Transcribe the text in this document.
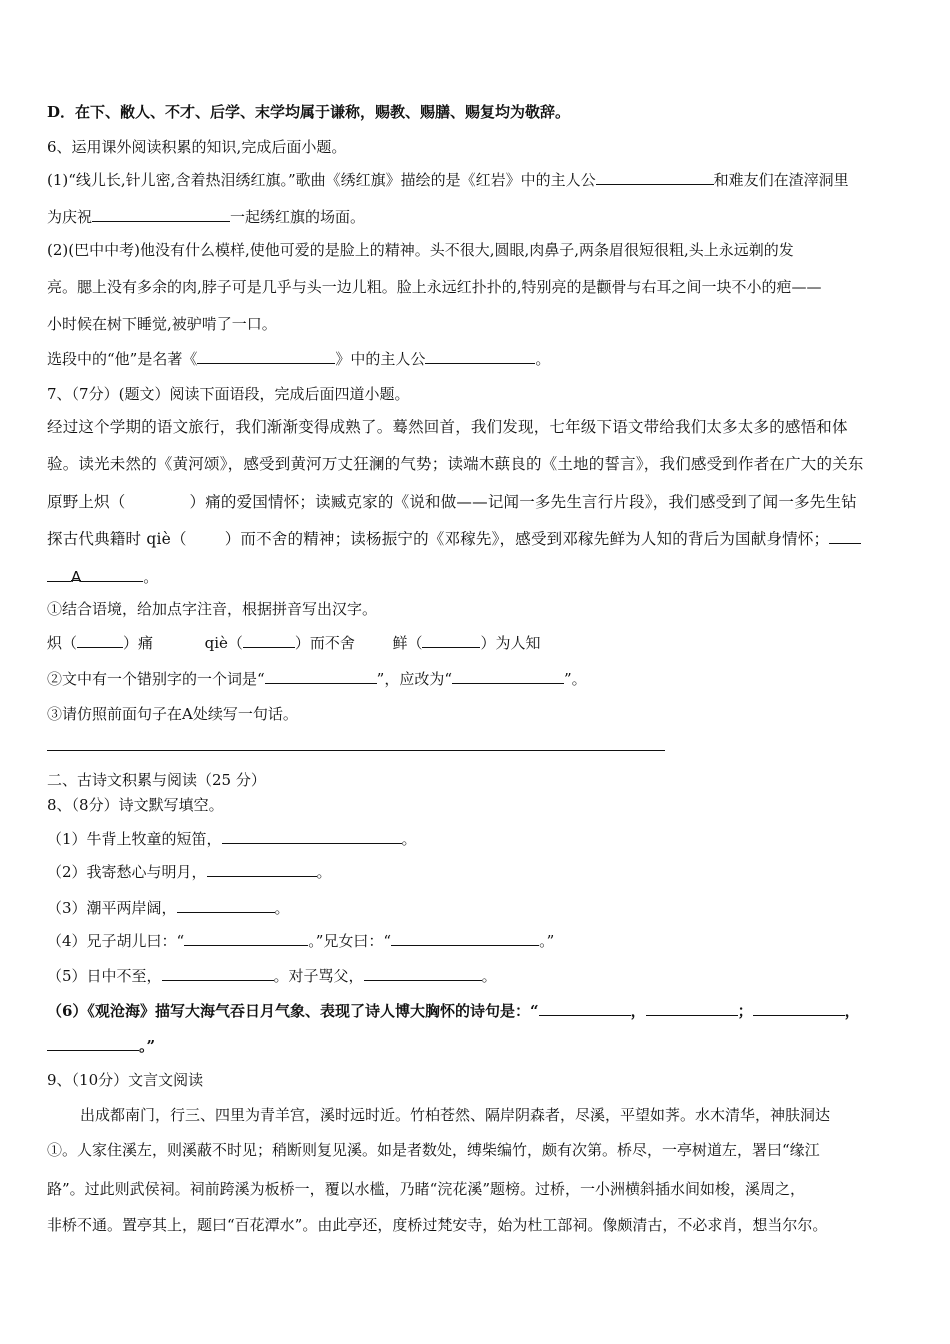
D．在下、敝人、不才、后学、末学均属于谦称，赐教、赐膳、赐复均为敬辞。
6、运用课外阅读积累的知识,完成后面小题。
(1)“线儿长,针儿密,含着热泪绣红旗。”歌曲《绣红旗》描绘的是《红岩》中的主人公	和难友们在渣滓洞里
为庆祝	一起绣红旗的场面。
(2)(巴中中考)他没有什么模样,使他可爱的是脸上的精神。头不很大,圆眼,肉鼻子,两条眉很短很粗,头上永远剃的发
亮。腮上没有多余的肉,脖子可是几乎与头一边儿粗。脸上永远红扑扑的,特别亮的是颧骨与右耳之间一块不小的疤——
小时候在树下睡觉,被驴啃了一口。
选段中的“他”是名著《	》中的主人公	。
7、（7分）(题文）阅读下面语段，完成后面四道小题。
经过这个学期的语文旅行，我们渐渐变得成熟了。蓦然回首，我们发现，七年级下语文带给我们太多太多的感悟和体
验。读光未然的《黄河颂》，感受到黄河万丈狂澜的气势；读端木蕻良的《土地的誓言》，我们感受到作者在广大的关东
原野上炽（	）痛的爱国情怀；读臧克家的《说和做——记闻一多先生言行片段》，我们感受到了闻一多先生钻
探古代典籍时 qiè（ ）而不舍的精神；读杨振宁的《邓稼先》，感受到邓稼先鲜为人知的背后为国献身情怀；
A	。
①结合语境，给加点字注音，根据拼音写出汉字。
炽（	）痛	qiè（	）而不舍	鲜（	）为人知
②文中有一个错别字的一个词是“	”，应改为“	”。
③请仿照前面句子在A处续写一句话。
二、古诗文积累与阅读（25 分）
8、（8分）诗文默写填空。
（1）牛背上牧童的短笛，	。
（2）我寄愁心与明月，	。
（3）潮平两岸阔，	。
（4）兄子胡儿曰：“	。”兄女曰：“	。”
（5）日中不至，	。对子骂父，	。
（6）《观沧海》描写大海气吞日月气象、表现了诗人博大胸怀的诗句是：“	，	；	，
。”
9、（10分）文言文阅读
出成都南门，行三、四里为青羊宫，溪时远时近。竹柏苍然、隔岸阴森者，尽溪，平望如荠。水木清华，神肤洞达
①。人家住溪左，则溪蔽不时见；稍断则复见溪。如是者数处，缚柴编竹，颇有次第。桥尽，一亭树道左，署曰“缘江
路”。过此则武侯祠。祠前跨溪为板桥一，覆以水槛，乃睹“浣花溪”题榜。过桥，一小洲横斜插水间如梭，溪周之，
非桥不通。置亭其上，题曰“百花潭水”。由此亭还，度桥过梵安寺，始为杜工部祠。像颇清古，不必求肖，想当尔尔。
